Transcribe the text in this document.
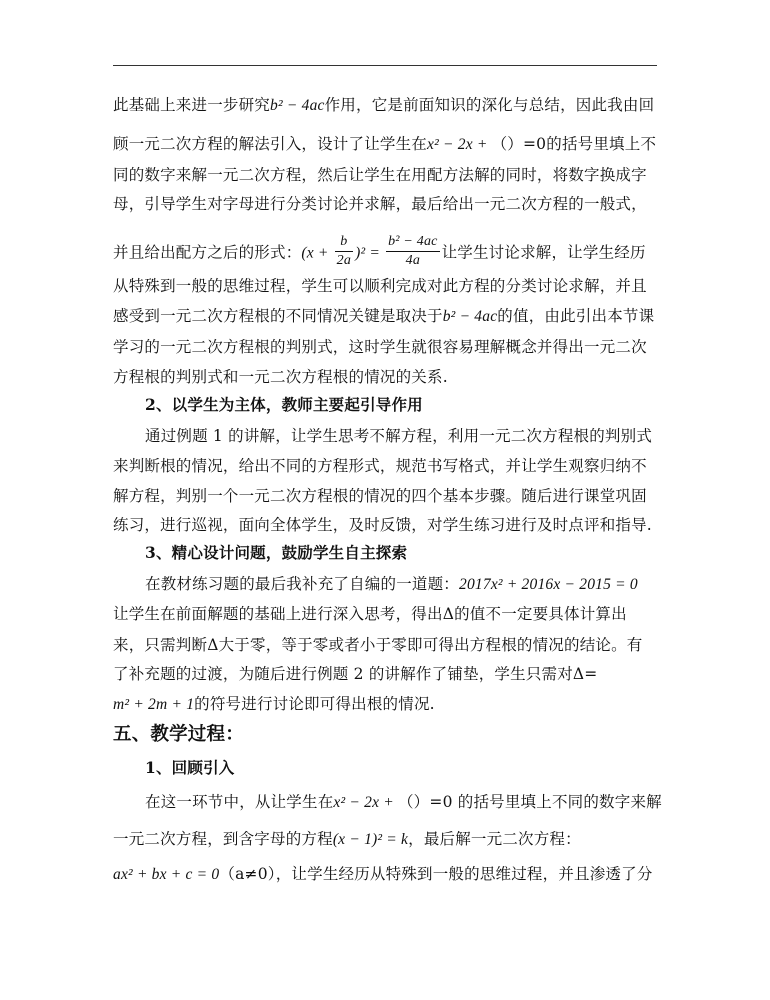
此基础上来进一步研究b² − 4ac作用，它是前面知识的深化与总结，因此我由回
顾一元二次方程的解法引入，设计了让学生在x² − 2x + （）=0的括号里填上不
同的数字来解一元二次方程，然后让学生在用配方法解的同时，将数字换成字
母，引导学生对字母进行分类讨论并求解，最后给出一元二次方程的一般式，
并且给出配方之后的形式：$(x + \frac{b}{2a} )^2 = \frac{\text{b² − 4ac}}{4a}$ 让学生讨论求解，让学生经历
从特殊到一般的思维过程，学生可以顺利完成对此方程的分类讨论求解，并且
感受到一元二次方程根的不同情况关键是取决于b² − 4ac的值，由此引出本节课
学习的一元二次方程根的判别式，这时学生就很容易理解概念并得出一元二次
方程根的判别式和一元二次方程根的情况的关系.
2、以学生为主体，教师主要起引导作用
通过例题 1 的讲解，让学生思考不解方程，利用一元二次方程根的判别式
来判断根的情况，给出不同的方程形式，规范书写格式，并让学生观察归纳不
解方程，判别一个一元二次方程根的情况的四个基本步骤。随后进行课堂巩固
练习，进行巡视，面向全体学生，及时反馈，对学生练习进行及时点评和指导.
3、精心设计问题，鼓励学生自主探索
在教材练习题的最后我补充了自编的一道题：2017x² + 2016x − 2015 = 0
让学生在前面解题的基础上进行深入思考，得出Δ的值不一定要具体计算出
来，只需判断Δ大于零，等于零或者小于零即可得出方程根的情况的结论。有
了补充题的过渡，为随后进行例题 2 的讲解作了铺垫，学生只需对Δ=
m² + 2m + 1的符号进行讨论即可得出根的情况.
五、教学过程：
1、回顾引入
在这一环节中，从让学生在x² − 2x + （）=0 的括号里填上不同的数字来解
一元二次方程，到含字母的方程(x − 1)² = k，最后解一元二次方程：
ax² + bx + c = 0（a≠0），让学生经历从特殊到一般的思维过程，并且渗透了分
